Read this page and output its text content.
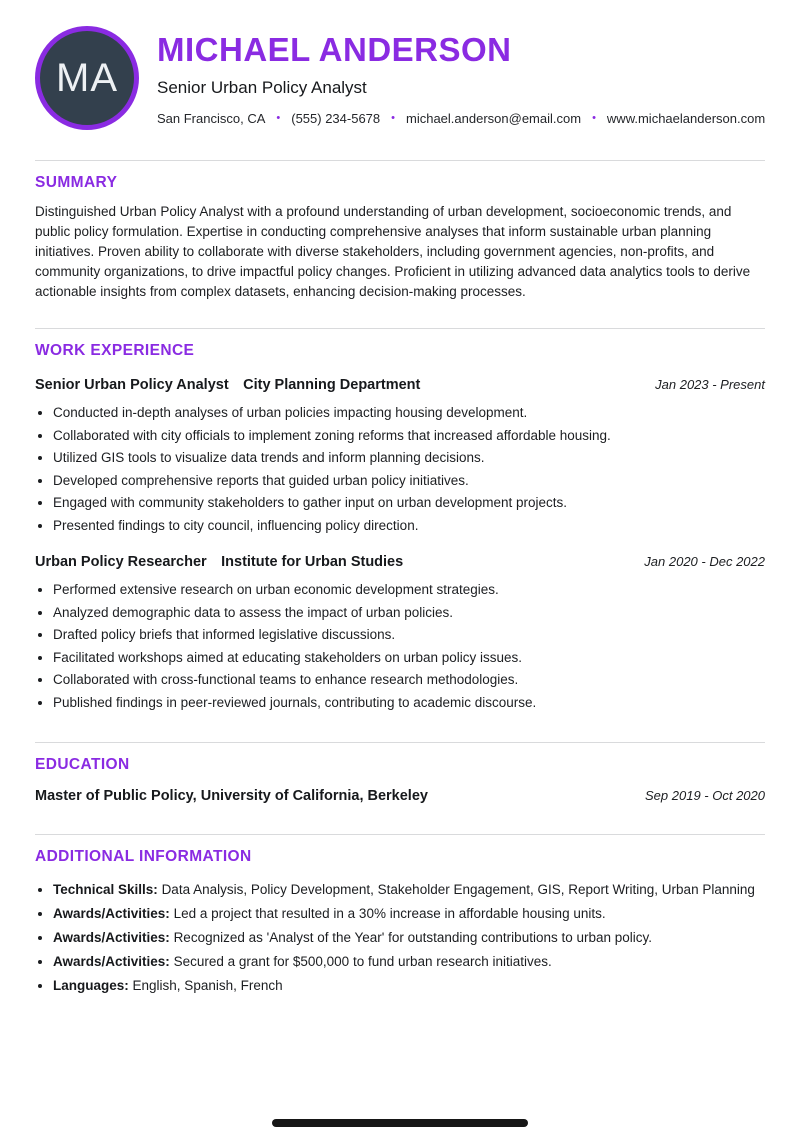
MA
MICHAEL ANDERSON
Senior Urban Policy Analyst
San Francisco, CA • (555) 234-5678 • michael.anderson@email.com • www.michaelanderson.com
SUMMARY

Distinguished Urban Policy Analyst with a profound understanding of urban development, socioeconomic trends, and public policy formulation. Expertise in conducting comprehensive analyses that inform sustainable urban planning initiatives. Proven ability to collaborate with diverse stakeholders, including government agencies, non-profits, and community organizations, to drive impactful policy changes. Proficient in utilizing advanced data analytics tools to derive actionable insights from complex datasets, enhancing decision-making processes.

WORK EXPERIENCE
Senior Urban Policy Analyst City Planning Department	Jan 2023 - Present
• Conducted in-depth analyses of urban policies impacting housing development.
• Collaborated with city officials to implement zoning reforms that increased affordable housing.
• Utilized GIS tools to visualize data trends and inform planning decisions.
• Developed comprehensive reports that guided urban policy initiatives.
• Engaged with community stakeholders to gather input on urban development projects.
• Presented findings to city council, influencing policy direction.
Urban Policy Researcher Institute for Urban Studies	Jan 2020 - Dec 2022
• Performed extensive research on urban economic development strategies.
• Analyzed demographic data to assess the impact of urban policies.
• Drafted policy briefs that informed legislative discussions.
• Facilitated workshops aimed at educating stakeholders on urban policy issues.
• Collaborated with cross-functional teams to enhance research methodologies.
• Published findings in peer-reviewed journals, contributing to academic discourse.
EDUCATION
Master of Public Policy, University of California, Berkeley	Sep 2019 - Oct 2020
ADDITIONAL INFORMATION
• Technical Skills: Data Analysis, Policy Development, Stakeholder Engagement, GIS, Report Writing, Urban Planning
• Awards/Activities: Led a project that resulted in a 30% increase in affordable housing units.
• Awards/Activities: Recognized as 'Analyst of the Year' for outstanding contributions to urban policy.
• Awards/Activities: Secured a grant for $500,000 to fund urban research initiatives.
• Languages: English, Spanish, French
